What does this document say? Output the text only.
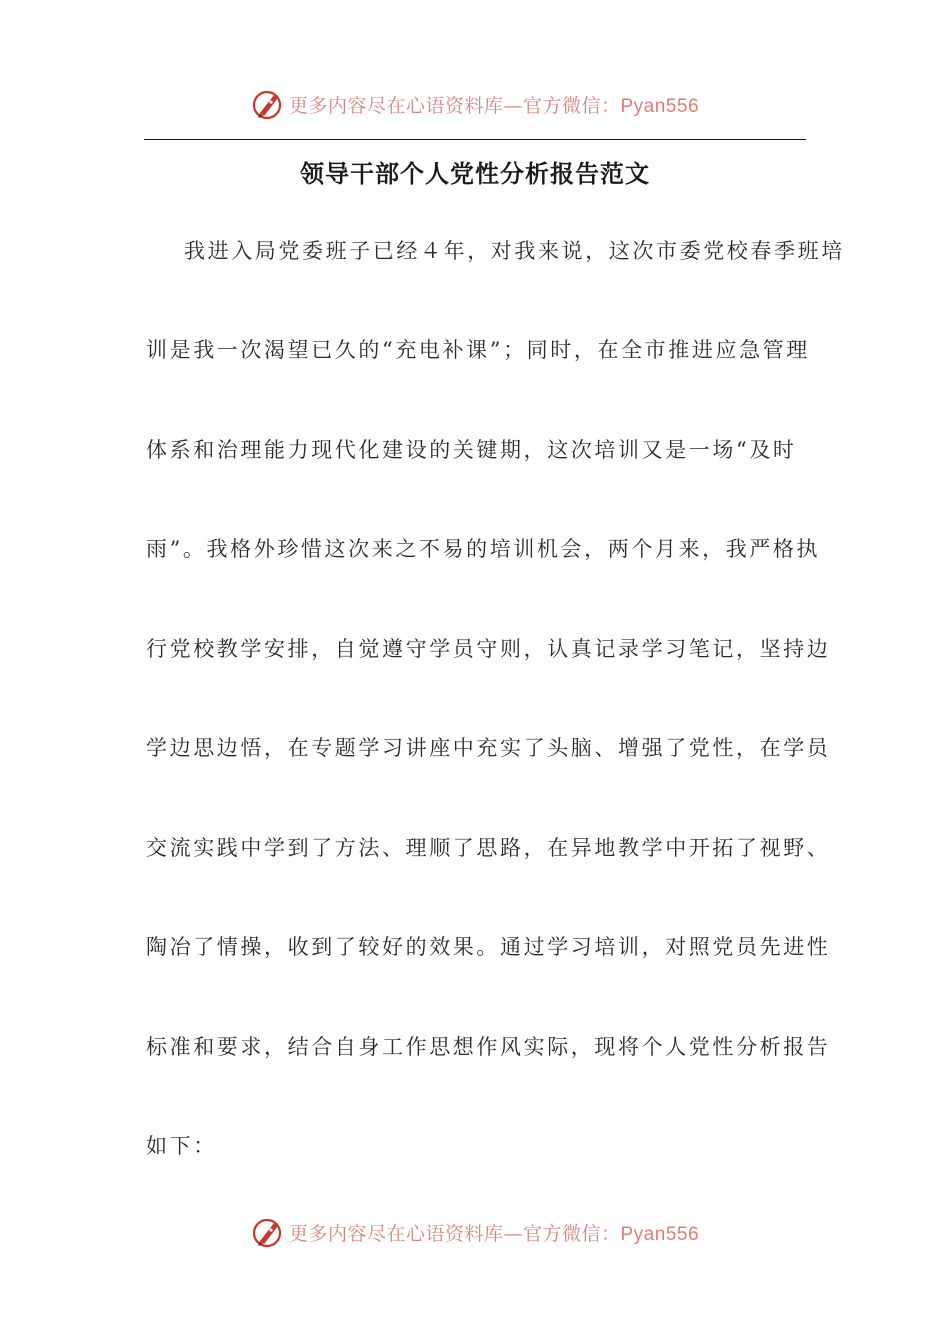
更多内容尽在心语资料库—官方微信：Pyan556
领导干部个人党性分析报告范文
我进入局党委班子已经４年，对我来说，这次市委党校春季班培
训是我一次渴望已久的“充电补课”；同时，在全市推进应急管理
体系和治理能力现代化建设的关键期，这次培训又是一场“及时
雨”。我格外珍惜这次来之不易的培训机会，两个月来，我严格执
行党校教学安排，自觉遵守学员守则，认真记录学习笔记，坚持边
学边思边悟，在专题学习讲座中充实了头脑、增强了党性，在学员
交流实践中学到了方法、理顺了思路，在异地教学中开拓了视野、
陶冶了情操，收到了较好的效果。通过学习培训，对照党员先进性
标准和要求，结合自身工作思想作风实际，现将个人党性分析报告
如下：
更多内容尽在心语资料库—官方微信：Pyan556
